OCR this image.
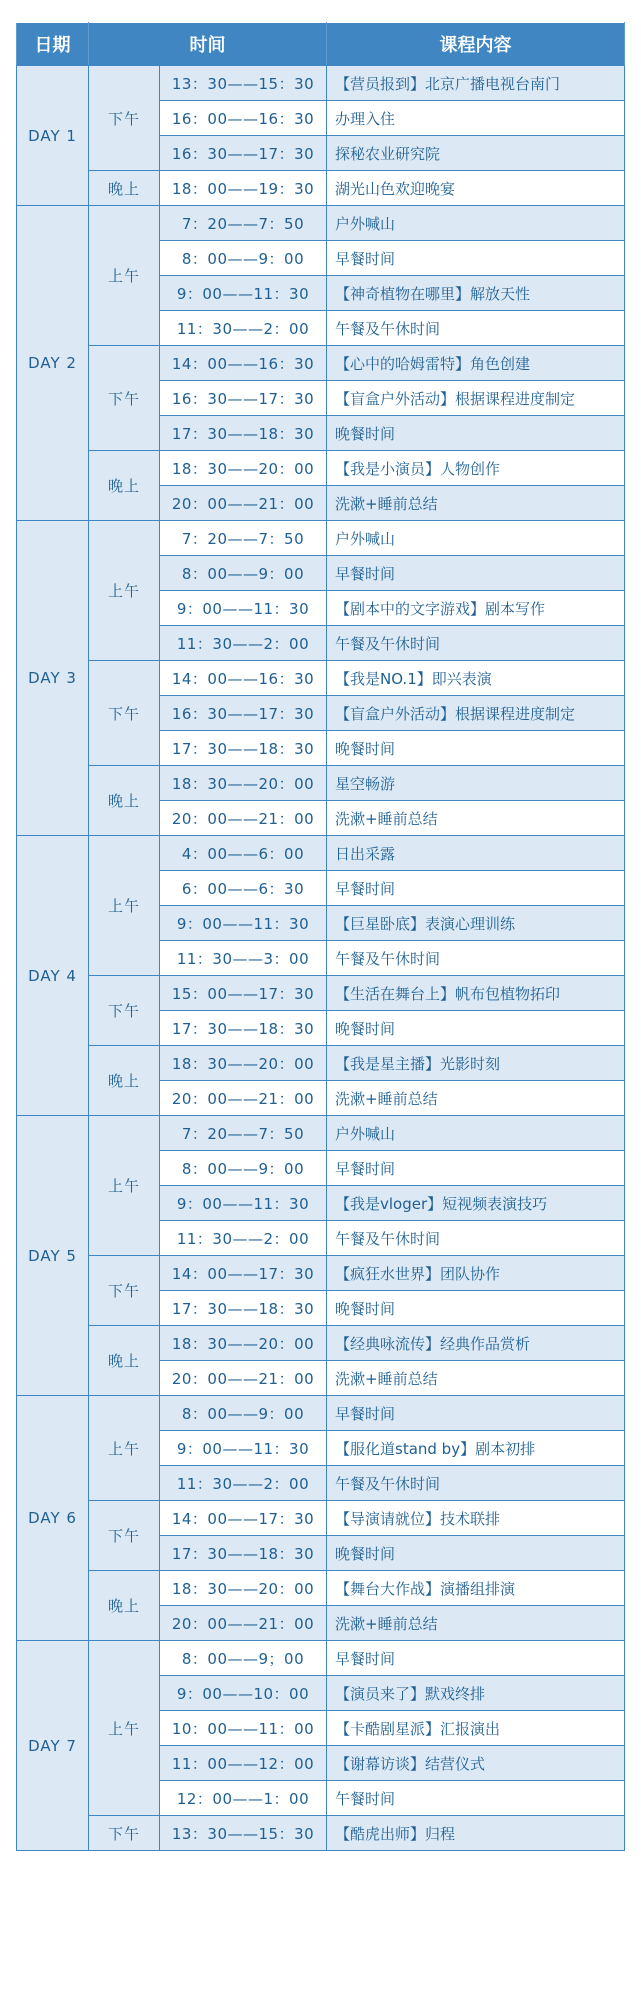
日期	时间		课程内容
DAY 1	下午	13：30——15：30	【营员报到】北京广播电视台南门
		16：00——16：30	办理入住
		16：30——17：30	探秘农业研究院
	晚上	18：00——19：30	湖光山色欢迎晚宴
DAY 2	上午	7：20——7：50	户外喊山
		8：00——9：00	早餐时间
		9：00——11：30	【神奇植物在哪里】解放天性
		11：30——2：00	午餐及午休时间
	下午	14：00——16：30	【心中的哈姆雷特】角色创建
		16：30——17：30	【盲盒户外活动】根据课程进度制定
		17：30——18：30	晚餐时间
	晚上	18：30——20：00	【我是小演员】人物创作
		20：00——21：00	洗漱+睡前总结
DAY 3	上午	7：20——7：50	户外喊山
		8：00——9：00	早餐时间
		9：00——11：30	【剧本中的文字游戏】剧本写作
		11：30——2：00	午餐及午休时间
	下午	14：00——16：30	【我是NO.1】即兴表演
		16：30——17：30	【盲盒户外活动】根据课程进度制定
		17：30——18：30	晚餐时间
	晚上	18：30——20：00	星空畅游
		20：00——21：00	洗漱+睡前总结
DAY 4	上午	4：00——6：00	日出采露
		6：00——6：30	早餐时间
		9：00——11：30	【巨星卧底】表演心理训练
		11：30——3：00	午餐及午休时间
	下午	15：00——17：30	【生活在舞台上】帆布包植物拓印
		17：30——18：30	晚餐时间
	晚上	18：30——20：00	【我是星主播】光影时刻
		20：00——21：00	洗漱+睡前总结
DAY 5	上午	7：20——7：50	户外喊山
		8：00——9：00	早餐时间
		9：00——11：30	【我是vloger】短视频表演技巧
		11：30——2：00	午餐及午休时间
	下午	14：00——17：30	【疯狂水世界】团队协作
		17：30——18：30	晚餐时间
	晚上	18：30——20：00	【经典咏流传】经典作品赏析
		20：00——21：00	洗漱+睡前总结
DAY 6	上午	8：00——9：00	早餐时间
		9：00——11：30	【服化道stand by】剧本初排
		11：30——2：00	午餐及午休时间
	下午	14：00——17：30	【导演请就位】技术联排
		17：30——18：30	晚餐时间
	晚上	18：30——20：00	【舞台大作战】演播组排演
		20：00——21：00	洗漱+睡前总结
DAY 7	上午	8：00——9；00	早餐时间
		9：00——10：00	【演员来了】默戏终排
		10：00——11：00	【卡酷剧星派】汇报演出
		11：00——12：00	【谢幕访谈】结营仪式
		12：00——1：00	午餐时间
	下午	13：30——15：30	【酷虎出师】归程
